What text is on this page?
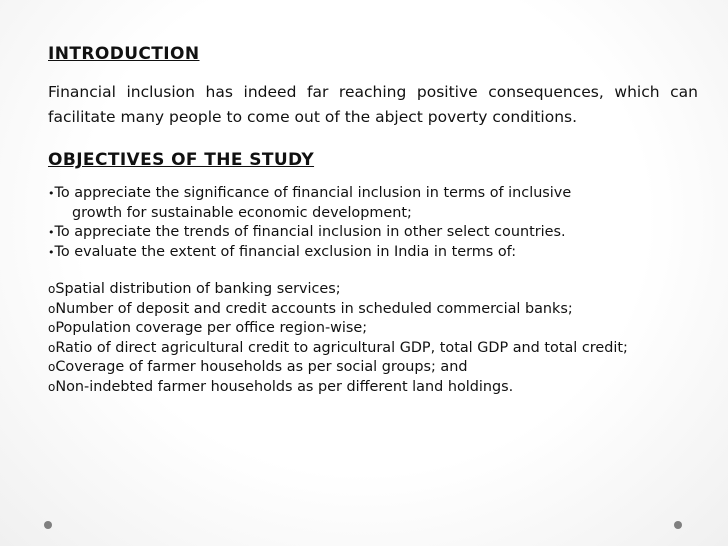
INTRODUCTION

Financial inclusion has indeed far reaching positive consequences, which can facilitate many people to come out of the abject poverty conditions.

OBJECTIVES OF THE STUDY
•To appreciate the significance of financial inclusion in terms of inclusive
growth for sustainable economic development;
•To appreciate the trends of financial inclusion in other select countries.
•To evaluate the extent of financial exclusion in India in terms of:
oSpatial distribution of banking services;
oNumber of deposit and credit accounts in scheduled commercial banks;
oPopulation coverage per office region-wise;
oRatio of direct agricultural credit to agricultural GDP, total GDP and total credit;
oCoverage of farmer households as per social groups; and
oNon-indebted farmer households as per different land holdings.
